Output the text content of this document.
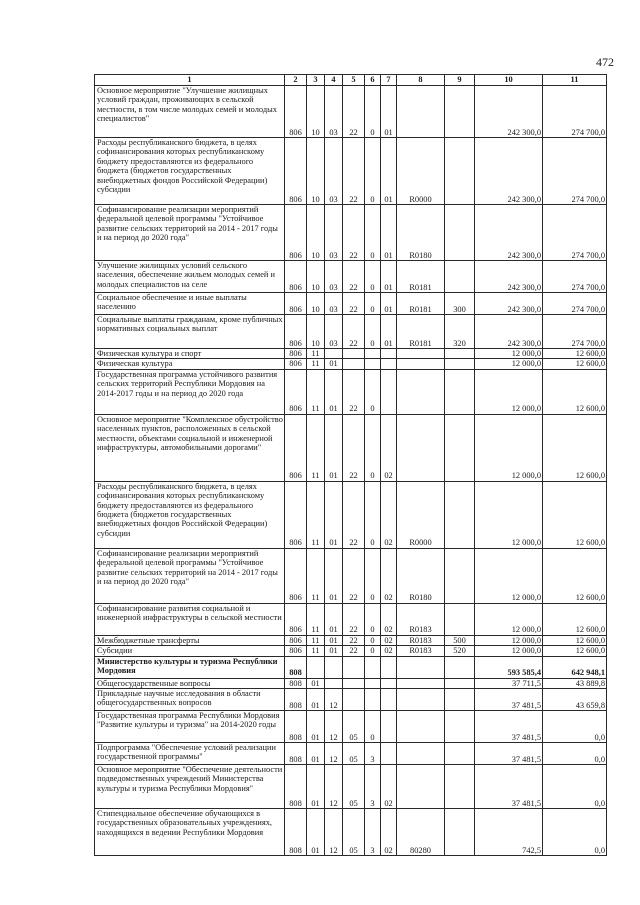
472
1	2	3	4	5	6	7	8	9	10	11
Основное мероприятие "Улучшение жилищных условий граждан, проживающих в сельской местности, в том числе молодых семей и молодых специалистов"	806	10	03	22	0	01			242 300,0	274 700,0
Расходы республиканского бюджета, в целях софинансирования которых республиканскому бюджету предоставляются из федерального бюджета (бюджетов государственных внебюджетных фондов Российской Федерации) субсидии	806	10	03	22	0	01	R0000		242 300,0	274 700,0
Софинансирование реализации мероприятий федеральной целевой программы "Устойчивое развитие сельских территорий на 2014 - 2017 годы и на период до 2020 года"	806	10	03	22	0	01	R0180		242 300,0	274 700,0
Улучшение жилищных условий сельского населения, обеспечение жильем молодых семей и молодых специалистов на селе	806	10	03	22	0	01	R0181		242 300,0	274 700,0
Социальное обеспечение и иные выплаты населению	806	10	03	22	0	01	R0181	300	242 300,0	274 700,0
Социальные выплаты гражданам, кроме публичных нормативных социальных выплат	806	10	03	22	0	01	R0181	320	242 300,0	274 700,0
Физическая культура и спорт	806	11							12 000,0	12 600,0
Физическая культура	806	11	01						12 000,0	12 600,0
Государственная программа устойчивого развития сельских территорий Республики Мордовия на 2014-2017 годы и на период до 2020 года	806	11	01	22	0				12 000,0	12 600,0
Основное мероприятие "Комплексное обустройство населенных пунктов, расположенных в сельской местности, объектами социальной и инженерной инфраструктуры, автомобильными дорогами"	806	11	01	22	0	02			12 000,0	12 600,0
Расходы республиканского бюджета, в целях софинансирования которых республиканскому бюджету предоставляются из федерального бюджета (бюджетов государственных внебюджетных фондов Российской Федерации) субсидии	806	11	01	22	0	02	R0000		12 000,0	12 600,0
Софинансирование реализации мероприятий федеральной целевой программы "Устойчивое развитие сельских территорий на 2014 - 2017 годы и на период до 2020 года"	806	11	01	22	0	02	R0180		12 000,0	12 600,0
Софинансирование развития социальной и инженерной инфраструктуры в сельской местности	806	11	01	22	0	02	R0183		12 000,0	12 600,0
Межбюджетные трансферты	806	11	01	22	0	02	R0183	500	12 000,0	12 600,0
Субсидии	806	11	01	22	0	02	R0183	520	12 000,0	12 600,0
Министерство культуры и туризма Республики Мордовия	808								593 585,4	642 948,1
Общегосударственные вопросы	808	01							37 711,5	43 889,8
Прикладные научные исследования в области общегосударственных вопросов	808	01	12						37 481,5	43 659,8
Государственная программа Республики Мордовия "Развитие культуры и туризма" на 2014-2020 годы	808	01	12	05	0				37 481,5	0,0
Подпрограмма "Обеспечение условий реализации государственной программы"	808	01	12	05	3				37 481,5	0,0
Основное мероприятие "Обеспечение деятельности подведомственных учреждений Министерства культуры и туризма Республики Мордовия"	808	01	12	05	3	02			37 481,5	0,0
Стипендиальное обеспечение обучающихся в государственных образовательных учреждениях, находящихся в ведении Республики Мордовия	808	01	12	05	3	02	80280		742,5	0,0
